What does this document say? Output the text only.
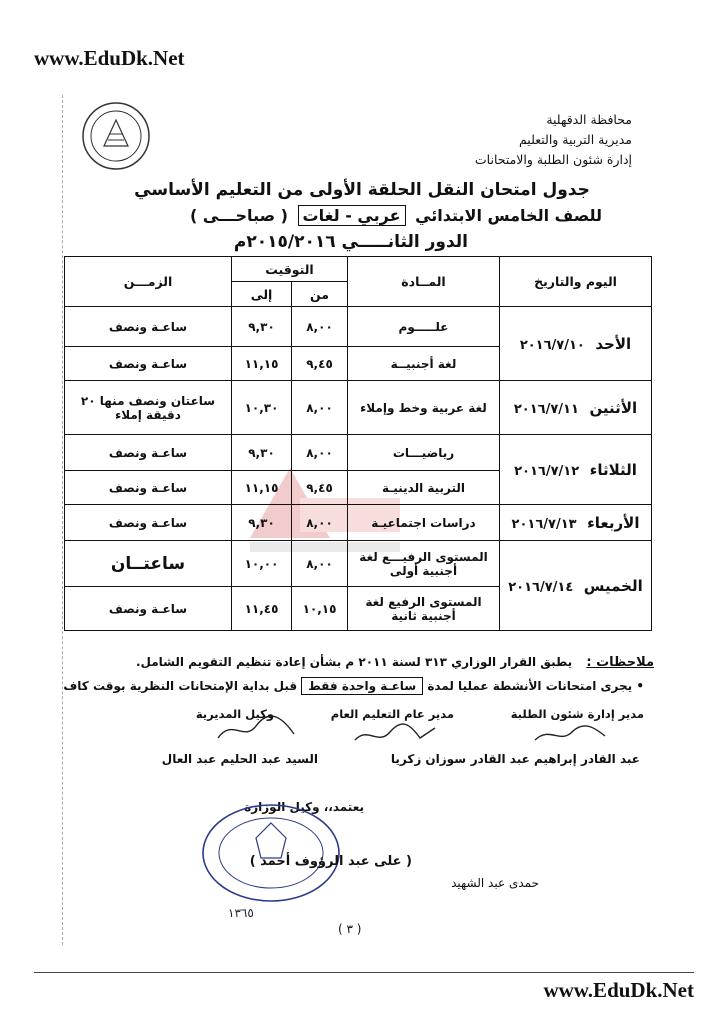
www.EduDk.Net
محافظة الدقهلية
مديرية التربية والتعليم
إدارة شئون الطلبة والامتحانات
جدول امتحان النقل الحلقة الأولى من التعليم الأساسي
للصف الخامس الابتدائي عربي - لغات ( صباحـــى )
الدور الثانـــــي ٢٠١٥/٢٠١٦م
اليوم والتاريخ	المــادة	التوقيت		الزمـــن
		من	إلى	
الأحد ٢٠١٦/٧/١٠	علـــــوم	٨,٠٠	٩,٣٠	ساعـة ونصف
	لغة أجنبيــة	٩,٤٥	١١,١٥	ساعـة ونصف
الأثنين ٢٠١٦/٧/١١	لغة عربية وخط وإملاء	٨,٠٠	١٠,٣٠	ساعتان ونصف منها ٢٠ دقيقة إملاء
الثلاثاء ٢٠١٦/٧/١٢	رياضيـــات	٨,٠٠	٩,٣٠	ساعـة ونصف
	التربية الدينيـة	٩,٤٥	١١,١٥	ساعـة ونصف
الأربعاء ٢٠١٦/٧/١٣	دراسات اجتماعيـة	٨,٠٠	٩,٣٠	ساعـة ونصف
الخميس ٢٠١٦/٧/١٤	المستوى الرفيـــع لغة أجنبية أولى	٨,٠٠	١٠,٠٠	ساعتــان
	المستوى الرفيع لغة أجنبية ثانية	١٠,١٥	١١,٤٥	ساعـة ونصف
ملاحظات : يطبق القرار الوزاري ٣١٣ لسنة ٢٠١١ م بشأن إعادة تنظيم التقويم الشامل.
• يجرى امتحانات الأنشطة عمليا لمدة ساعـة واحدة فقط قبل بداية الإمتحانات النظرية بوقت كاف
مدير إدارة شئون الطلبة
مدير عام التعليم العام
وكيل المديرية
عبد القادر إبراهيم عبد القادر
سوزان زكريا
السيد عبد الحليم عبد العال
يعتمد،، وكيل الوزارة
( على عبد الرؤوف أحمد )
حمدى عبد الشهيد
١٣٦٥
( ٣ )
www.EduDk.Net
